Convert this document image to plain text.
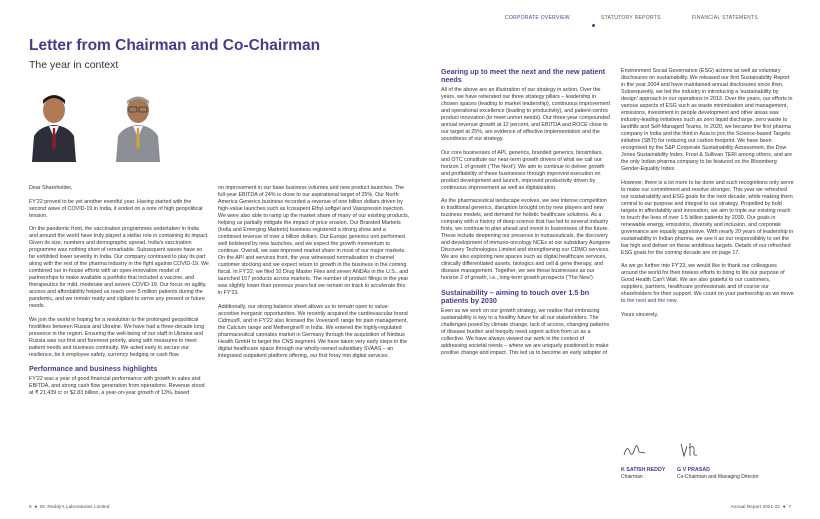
CORPORATE OVERVIEW	STATUTORY REPORTS	FINANCIAL STATEMENTS
Letter from Chairman and Co-Chairman
The year in context

Dear Shareholder,

FY'22 proved to be yet another eventful year. Having started with the second wave of COVID-19 in India, it ended on a note of high geopolitical tension.

On the pandemic front, the vaccination programmes undertaken in India and around the world have truly played a stellar role in containing its impact. Given its size, numbers and demographic spread, India's vaccination programme was nothing short of remarkable. Subsequent waves have so far exhibited lower severity in India. Our company continued to play its part along with the rest of the pharma industry in the fight against COVID-19. We combined our in-house efforts with an open-innovation model of partnerships to make available a portfolio that included a vaccine, and therapeutics for mild, moderate and severe COVID-19. Our focus on agility, access and affordability helped us reach over 5 million patients during the pandemic, and we remain ready and vigilant to serve any present or future needs.

We join the world in hoping for a resolution to the prolonged geopolitical hostilities between Russia and Ukraine. We have had a three-decade long presence in the region. Ensuring the well-being of our staff in Ukraine and Russia was our first and foremost priority, along with measures to meet patient needs and business continuity. We acted early to secure our resilience, be it employee safety, currency hedging or cash flow.

Performance and business highlights

FY'22 was a year of good financial performance with growth in sales and EBITDA, and strong cash flow generation from operations. Revenue stood at ₹ 21,439 cr or $2.83 billion, a year-on-year growth of 13%, based

on improvement in our base business volumes and new product launches. The full-year EBITDA of 24% is close to our aspirational target of 25%. Our North America Generics business recorded a revenue of one billion dollars driven by high-value launches such as Icosapent Ethyl softgel and Vasopressin injection. We were also able to ramp up the market share of many of our existing products, helping us partially mitigate the impact of price erosion. Our Branded Markets (India and Emerging Markets) business registered a strong show and a combined revenue of over a billion dollars. Our Europe generics unit performed well bolstered by new launches, and we expect the growth momentum to continue. Overall, we saw improved market share in most of our major markets. On the API and services front, the year witnessed normalisation in channel customer stocking and we expect return to growth in the business in the coming fiscal. In FY'22, we filed 10 Drug Master Files and seven ANDAs in the U.S., and launched 157 products across markets. The number of product filings in the year was slightly lower than previous years but we remain on track to accelerate this in FY'23.

Additionally, our strong balance sheet allows us to remain open to value-accretive inorganic opportunities. We recently acquired the cardiovascular brand Cidmus®, and in FY'22 also licensed the Voveran® range for pain management, the Calcium range and Methergine® in India. We entered the highly-regulated pharmaceutical cannabis market in Germany through the acquisition of Nimbus Health GmbH to target the CNS segment. We have taken very early steps in the digital healthcare space through our wholly-owned subsidiary SVAAS – an integrated outpatient platform offering, our first foray into digital services.

Gearing up to meet the next and the new patient needs

All of the above are an illustration of our strategy in action. Over the years, we have reiterated our three strategy pillars – leadership in chosen spaces (leading to market leadership), continuous improvement and operational excellence (leading to productivity), and patient-centric product innovation (to meet unmet needs). Our three-year compounded annual revenue growth at 12 percent, and EBITDA and ROCE close to our target at 25%, are evidence of effective implementation and the soundness of our strategy.

Our core businesses of API, generics, branded generics, biosimilars, and OTC constitute our near-term growth drivers of what we call our horizon 1 of growth ('The Next'). We aim to continue to deliver growth and profitability of these businesses through improved execution on product development and launch, improved productivity driven by continuous improvement as well as digitalization.

As the pharmaceutical landscape evolves, we see intense competition in traditional generics, disruption brought on by new players and new business models, and demand for holistic healthcare solutions. As a company with a history of deep science that has led to several industry firsts, we continue to plan ahead and invest in businesses of the future. These include deepening our presence in nutraceuticals, the discovery and development of immuno-oncology NCEs at our subsidiary Aurigene Discovery Technologies Limited and strengthening our CDMO services. We are also exploring new spaces such as digital healthcare services, clinically differentiated assets, biologics and cell & gene therapy, and disease management. Together, we see these businesses as our horizon 2 of growth, i.e., long-term growth prospects ('The New').

Sustainability – aiming to touch over 1.5 bn patients by 2030

Even as we work on our growth strategy, we realise that embracing sustainability is key to a healthy future for all our stakeholders. The challenges posed by climate change, lack of access, changing patterns of disease burden and inequity need urgent action from us as a collective. We have always viewed our work in the context of addressing societal needs – where we are uniquely positioned to make positive change and impact. This led us to become an early adopter of

Environment Social Governance (ESG) actions as well as voluntary disclosures on sustainability. We released our first Sustainability Report in the year 2004 and have maintained annual disclosures since then. Subsequently, we led the industry in introducing a 'sustainability by design' approach in our operations in 2013. Over the years, our efforts in various aspects of ESG such as waste minimisation and management, emissions, investment in people development and other areas saw industry-leading initiatives such as zero liquid discharge, zero waste to landfills and Self-Managed Teams. In 2020, we became the first pharma company in India and the third in Asia to join the Science-based Targets initiative (SBTi) for reducing our carbon footprint. We have been recognised by the S&P Corporate Sustainability Assessment, the Dow Jones Sustainability Index, Frost & Sullivan TERI among others, and are the only Indian pharma company to be featured on the Bloomberg Gender-Equality Index.

However, there is a lot more to be done and such recognitions only serve to make our commitment and resolve stronger. This year we refreshed our sustainability and ESG goals for the next decade, while making them central to our purpose and integral to our strategy. Propelled by bold targets in affordability and innovation, we aim to triple our existing reach to touch the lives of over 1.5 billion patients by 2030. Our goals in renewable energy, emissions, diversity and inclusion, and corporate governance are equally aggressive. With nearly 20 years of leadership in sustainability in Indian pharma, we see it as our responsibility to set the bar high and deliver on these ambitious targets. Details of our refreshed ESG goals for the coming decade are on page 17.

As we go further into FY'23, we would like to thank our colleagues around the world for their tireless efforts to bring to life our purpose of Good Health Can't Wait. We are also grateful to our customers, suppliers, partners, healthcare professionals and of course our shareholders for their support. We count on your partnership as we move to the next and the new.

Yours sincerely,

K SATISH REDDY
Chairman
G V PRASAD
Co-Chairman and Managing Director
6  ●  Dr. Reddy's Laboratories Limited	Annual Report 2021-22  ●  7
